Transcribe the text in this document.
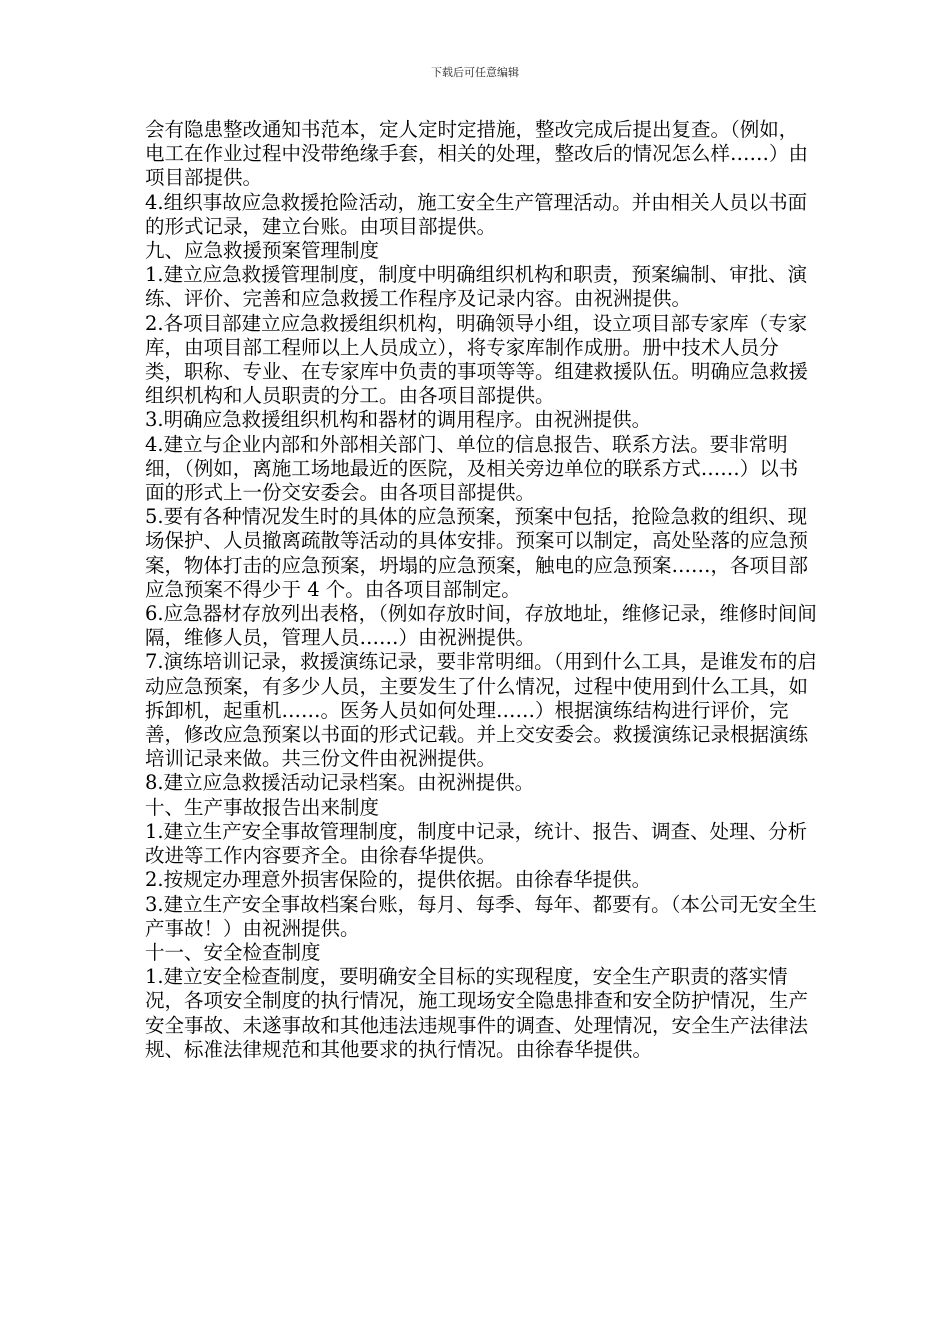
下载后可任意编辑

会有隐患整改通知书范本，定人定时定措施，整改完成后提出复查。（例如，电工在作业过程中没带绝缘手套，相关的处理，整改后的情况怎么样……）由项目部提供。

4.组织事故应急救援抢险活动，施工安全生产管理活动。并由相关人员以书面的形式记录，建立台账。由项目部提供。

九、应急救援预案管理制度

1.建立应急救援管理制度，制度中明确组织机构和职责，预案编制、审批、演练、评价、完善和应急救援工作程序及记录内容。由祝洲提供。

2.各项目部建立应急救援组织机构，明确领导小组，设立项目部专家库（专家库，由项目部工程师以上人员成立），将专家库制作成册。册中技术人员分类，职称、专业、在专家库中负责的事项等等。组建救援队伍。明确应急救援组织机构和人员职责的分工。由各项目部提供。

3.明确应急救援组织机构和器材的调用程序。由祝洲提供。

4.建立与企业内部和外部相关部门、单位的信息报告、联系方法。要非常明细，（例如，离施工场地最近的医院，及相关旁边单位的联系方式……）以书面的形式上一份交安委会。由各项目部提供。

5.要有各种情况发生时的具体的应急预案，预案中包括，抢险急救的组织、现场保护、人员撤离疏散等活动的具体安排。预案可以制定，高处坠落的应急预案，物体打击的应急预案，坍塌的应急预案，触电的应急预案……，各项目部应急预案不得少于 4 个。由各项目部制定。

6.应急器材存放列出表格，（例如存放时间，存放地址，维修记录，维修时间间隔，维修人员，管理人员……）由祝洲提供。

7.演练培训记录，救援演练记录，要非常明细。（用到什么工具，是谁发布的启动应急预案，有多少人员，主要发生了什么情况，过程中使用到什么工具，如拆卸机，起重机……。医务人员如何处理……）根据演练结构进行评价，完善，修改应急预案以书面的形式记载。并上交安委会。救援演练记录根据演练培训记录来做。共三份文件由祝洲提供。

8.建立应急救援活动记录档案。由祝洲提供。

十、生产事故报告出来制度

1.建立生产安全事故管理制度，制度中记录，统计、报告、调查、处理、分析改进等工作内容要齐全。由徐春华提供。

2.按规定办理意外损害保险的，提供依据。由徐春华提供。

3.建立生产安全事故档案台账，每月、每季、每年、都要有。（本公司无安全生产事故！）由祝洲提供。

十一、安全检查制度

1.建立安全检查制度，要明确安全目标的实现程度，安全生产职责的落实情况，各项安全制度的执行情况，施工现场安全隐患排查和安全防护情况，生产安全事故、未遂事故和其他违法违规事件的调查、处理情况，安全生产法律法规、标准法律规范和其他要求的执行情况。由徐春华提供。
